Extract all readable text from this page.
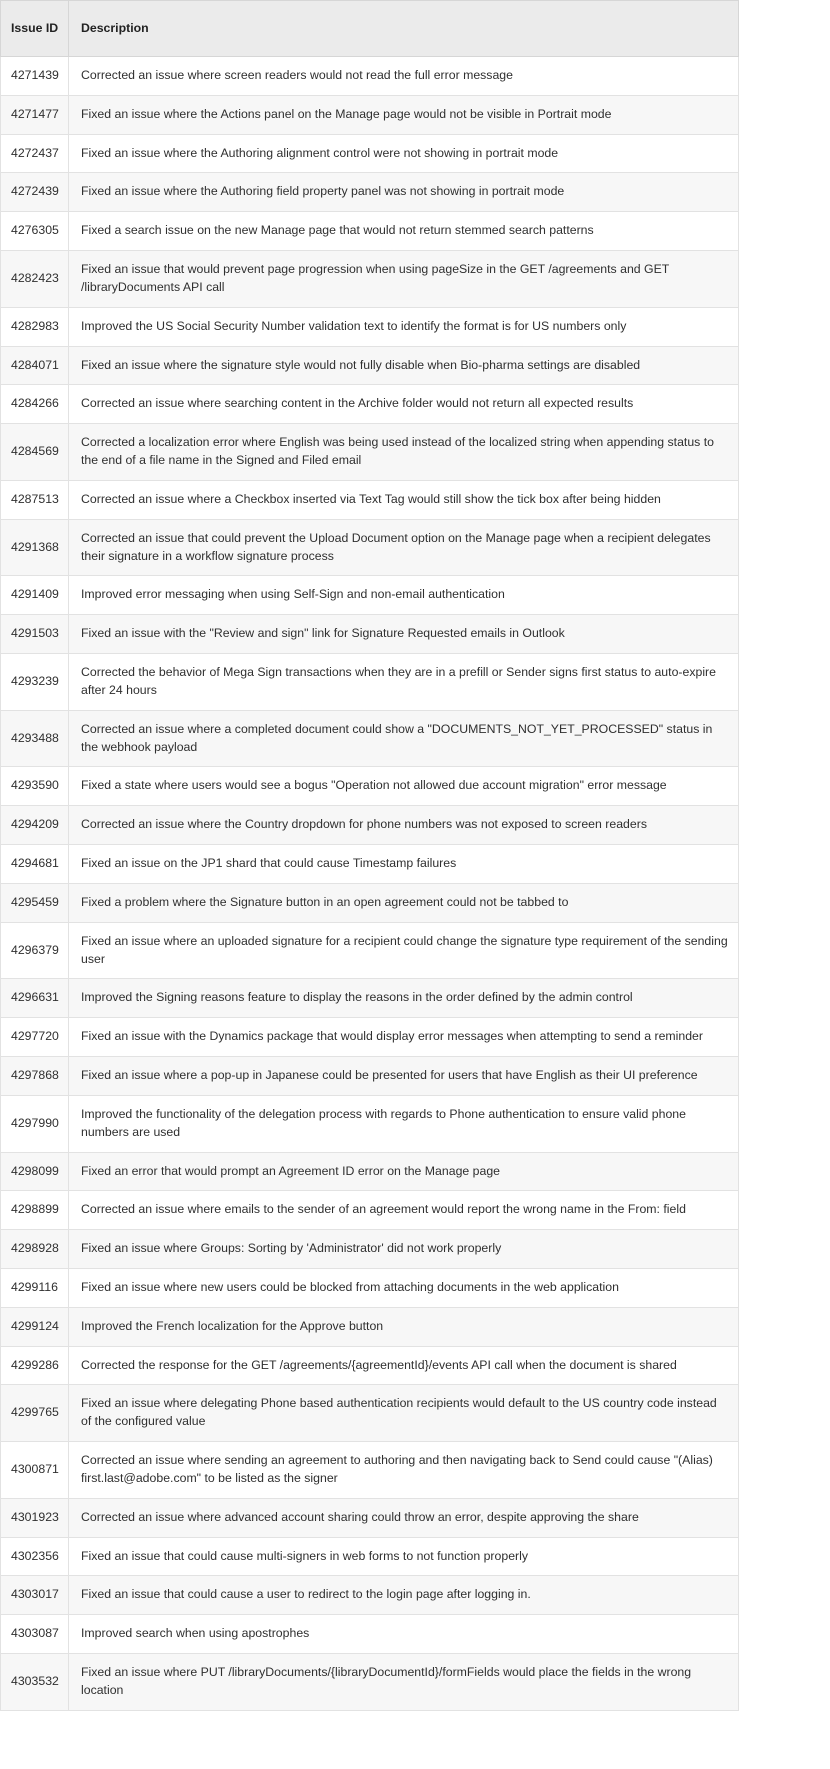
Issue ID	Description
4271439	Corrected an issue where screen readers would not read the full error message
4271477	Fixed an issue where the Actions panel on the Manage page would not be visible in Portrait mode
4272437	Fixed an issue where the Authoring alignment control were not showing in portrait mode
4272439	Fixed an issue where the Authoring field property panel was not showing in portrait mode
4276305	Fixed a search issue on the new Manage page that would not return stemmed search patterns
4282423	Fixed an issue that would prevent page progression when using pageSize in the GET /agreements and GET /libraryDocuments API call
4282983	Improved the US Social Security Number validation text to identify the format is for US numbers only
4284071	Fixed an issue where the signature style would not fully disable when Bio-pharma settings are disabled
4284266	Corrected an issue where searching content in the Archive folder would not return all expected results
4284569	Corrected a localization error where English was being used instead of the localized string when appending status to the end of a file name in the Signed and Filed email
4287513	Corrected an issue where a Checkbox inserted via Text Tag would still show the tick box after being hidden
4291368	Corrected an issue that could prevent the Upload Document option on the Manage page when a recipient delegates their signature in a workflow signature process
4291409	Improved error messaging when using Self-Sign and non-email authentication
4291503	Fixed an issue with the "Review and sign" link for Signature Requested emails in Outlook
4293239	Corrected the behavior of Mega Sign transactions when they are in a prefill or Sender signs first status to auto-expire after 24 hours
4293488	Corrected an issue where a completed document could show a "DOCUMENTS_NOT_YET_PROCESSED" status in the webhook payload
4293590	Fixed a state where users would see a bogus "Operation not allowed due account migration" error message
4294209	Corrected an issue where the Country dropdown for phone numbers was not exposed to screen readers
4294681	Fixed an issue on the JP1 shard that could cause Timestamp failures
4295459	Fixed a problem where the Signature button in an open agreement could not be tabbed to
4296379	Fixed an issue where an uploaded signature for a recipient could change the signature type requirement of the sending user
4296631	Improved the Signing reasons feature to display the reasons in the order defined by the admin control
4297720	Fixed an issue with the Dynamics package that would display error messages when attempting to send a reminder
4297868	Fixed an issue where a pop-up in Japanese could be presented for users that have English as their UI preference
4297990	Improved the functionality of the delegation process with regards to Phone authentication to ensure valid phone numbers are used
4298099	Fixed an error that would prompt an Agreement ID error on the Manage page
4298899	Corrected an issue where emails to the sender of an agreement would report the wrong name in the From: field
4298928	Fixed an issue where Groups: Sorting by 'Administrator' did not work properly
4299116	Fixed an issue where new users could be blocked from attaching documents in the web application
4299124	Improved the French localization for the Approve button
4299286	Corrected the response for the GET /agreements/{agreementId}/events API call when the document is shared
4299765	Fixed an issue where delegating Phone based authentication recipients would default to the US country code instead of the configured value
4300871	Corrected an issue where sending an agreement to authoring and then navigating back to Send could cause "(Alias) first.last@adobe.com" to be listed as the signer
4301923	Corrected an issue where advanced account sharing could throw an error, despite approving the share
4302356	Fixed an issue that could cause multi-signers in web forms to not function properly
4303017	Fixed an issue that could cause a user to redirect to the login page after logging in.
4303087	Improved search when using apostrophes
4303532	Fixed an issue where PUT /libraryDocuments/{libraryDocumentId}/formFields would place the fields in the wrong location
